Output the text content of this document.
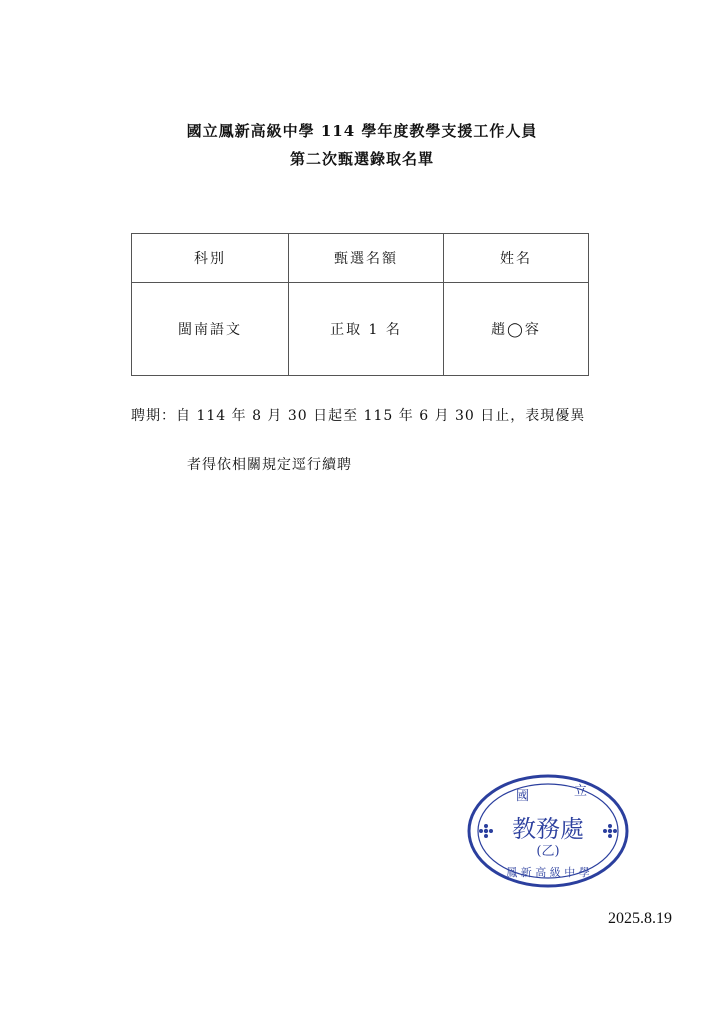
國立鳳新高級中學 114 學年度教學支援工作人員
第二次甄選錄取名單
科別	甄選名額	姓名
閩南語文	正取 1 名	趙◯容
聘期：自 114 年 8 月 30 日起至 115 年 6 月 30 日止，表現優異
者得依相關規定逕行續聘
國	立
教務處
(乙)
鳳 新 高 級 中 學
2025.8.19
